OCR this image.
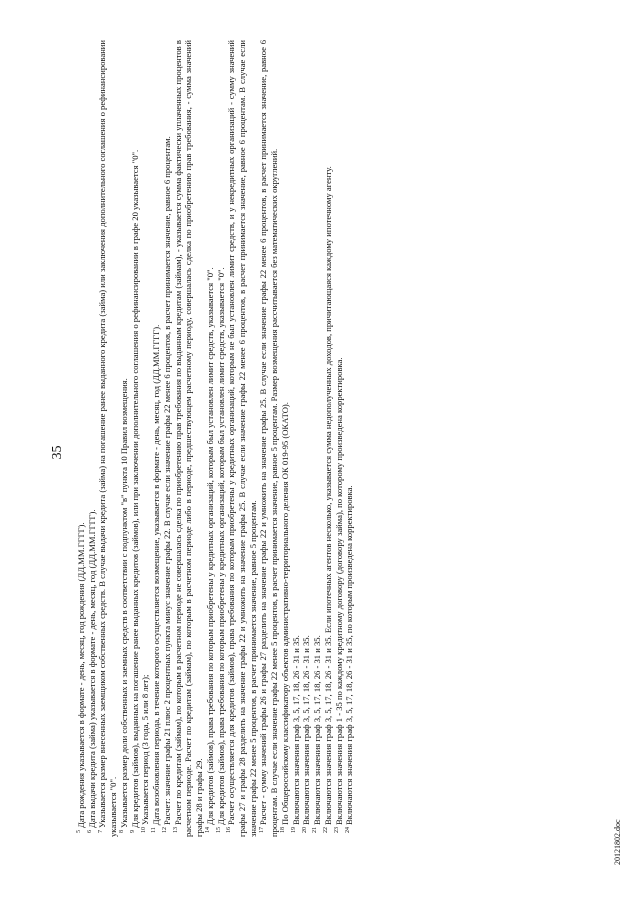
35

$^5$Дата рождения указывается в формате - день, месяц, год рождения (ДД.ММ.ГГГГ).

$^6$Дата выдачи кредита (займа) указывается в формате - день, месяц, год (ДД.ММ.ГГГГ).

$^7$Указывается размер внесенных заемщиком собственных средств. В случае выдачи кредита (займа) на погашение ранее выданного кредита (займа) или заключения дополнительного соглашения о рефинансировании указывается "0". $^8$Указывается размер доли собственных и заемных средств в соответствии с подпунктом "в" пункта 10 Правил возмещения.

$^9$Для кредитов (займов), выданных на погашение ранее выданных кредитов (займов), или при заключении дополнительного соглашения о рефинансировании в графе 20 указывается "0".

$^{10}$Указывается период (3 года, 5 или 8 лет);

$^{11}$Дата возобновления периода, в течение которого осуществляется возмещение, указывается в формате - день, месяц, год (ДД.ММ.ГГГГ).

$^{12}$Расчет: значение графы 21 плюс 2 процентных пункта минус значение графы 22. В случае если значение графы 22 менее 6 процентов, в расчет принимается значение, равное 6 процентам.

$^{13}$Расчет по кредитам (займам), по которым в расчетном периоде не совершалась сделка по приобретению прав требования по выданным кредитам (займам), - указывается сумма фактически уплаченных процентов в расчетном периоде. Расчет по кредитам (займам), по которым в расчетном периоде либо в периоде, предшествующем расчетному периоду, совершалась сделка по приобретению прав требования, - сумма значений графы 28 и графы 29. $^{14}$Для кредитов (займов), права требования по которым приобретены у кредитных организаций, которым был установлен лимит средств, указывается "0".

$^{15}$Для кредитов (займов), права требования по которым приобретены у кредитных организаций, которым был установлен лимит средств, указывается "0".

$^{16}$Расчет осуществляется для кредитов (займов), права требования по которым приобретены у кредитных организаций, которым не был установлен лимит средств, и у некредитных организаций - сумму значений графы 27 и графы 28 разделить на значение графы 22 и умножить на значение графы 25. В случае если значение графы 22 менее 6 процентов, в расчет принимается значение, равное 6 процентам. В случае если значение графы 22 менее 5 процентов, в расчет принимается значение, равное 5 процентам. $^{17}$Расчет - сумму значений графы 26 и графы 27 разделить на значение графы 22 и умножить на значение графы 25. В случае если значение графы 22 менее 6 процентов, в расчет принимается значение, равное 6 процентам. В случае если значение графы 22 менее 5 процентов, в расчет принимается значение, равное 5 процентам. Размер возмещения рассчитывается без математических округлений. $^{18}$По Общероссийскому классификатору объектов административно-территориального деления ОК 019-95 (ОКАТО).

$^{19}$Включаются значения граф 3, 5, 17, 18, 26 - 31 и 35.

$^{20}$Включаются значения граф 3, 5, 17, 18, 26 - 31 и 35.

$^{21}$Включаются значения граф 3, 5, 17, 18, 26 - 31 и 35.

$^{22}$Включаются значения граф 3, 5, 17, 18, 26 - 31 и 35. Если ипотечных агентов несколько, указывается сумма недополученных доходов, причитающаяся каждому ипотечному агенту.

$^{23}$Включаются значения граф 1 - 35 по каждому кредитному договору (договору займа), по которому произведена корректировка.

$^{24}$Включаются значения граф 3, 5, 17, 18, 26 - 31 и 35, по которым произведена корректировка.

20121802.doc
